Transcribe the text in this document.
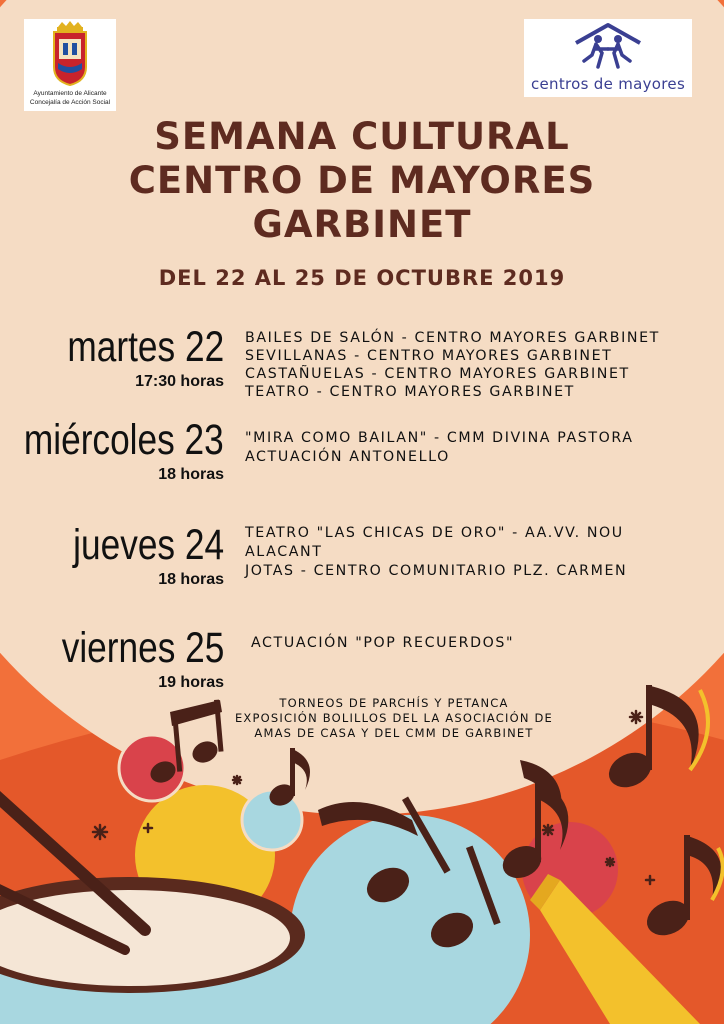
Ayuntamiento de Alicante
Concejalía de Acción Social
centros de mayores
SEMANA CULTURAL
CENTRO DE MAYORES
GARBINET
DEL 22 AL 25 DE OCTUBRE 2019
martes 22
17:30 horas
BAILES DE SALÓN - CENTRO MAYORES GARBINET
SEVILLANAS - CENTRO MAYORES GARBINET
CASTAÑUELAS - CENTRO MAYORES GARBINET
TEATRO - CENTRO MAYORES GARBINET
miércoles 23
18 horas
"MIRA COMO BAILAN" - CMM DIVINA PASTORA
ACTUACIÓN ANTONELLO
jueves 24
18 horas
TEATRO "LAS CHICAS DE ORO" - AA.VV. NOU
ALACANT
JOTAS - CENTRO COMUNITARIO PLZ. CARMEN
viernes 25
19 horas
ACTUACIÓN "POP RECUERDOS"
TORNEOS DE PARCHÍS Y PETANCA
EXPOSICIÓN BOLILLOS DEL LA ASOCIACIÓN DE
AMAS DE CASA Y DEL CMM DE GARBINET
